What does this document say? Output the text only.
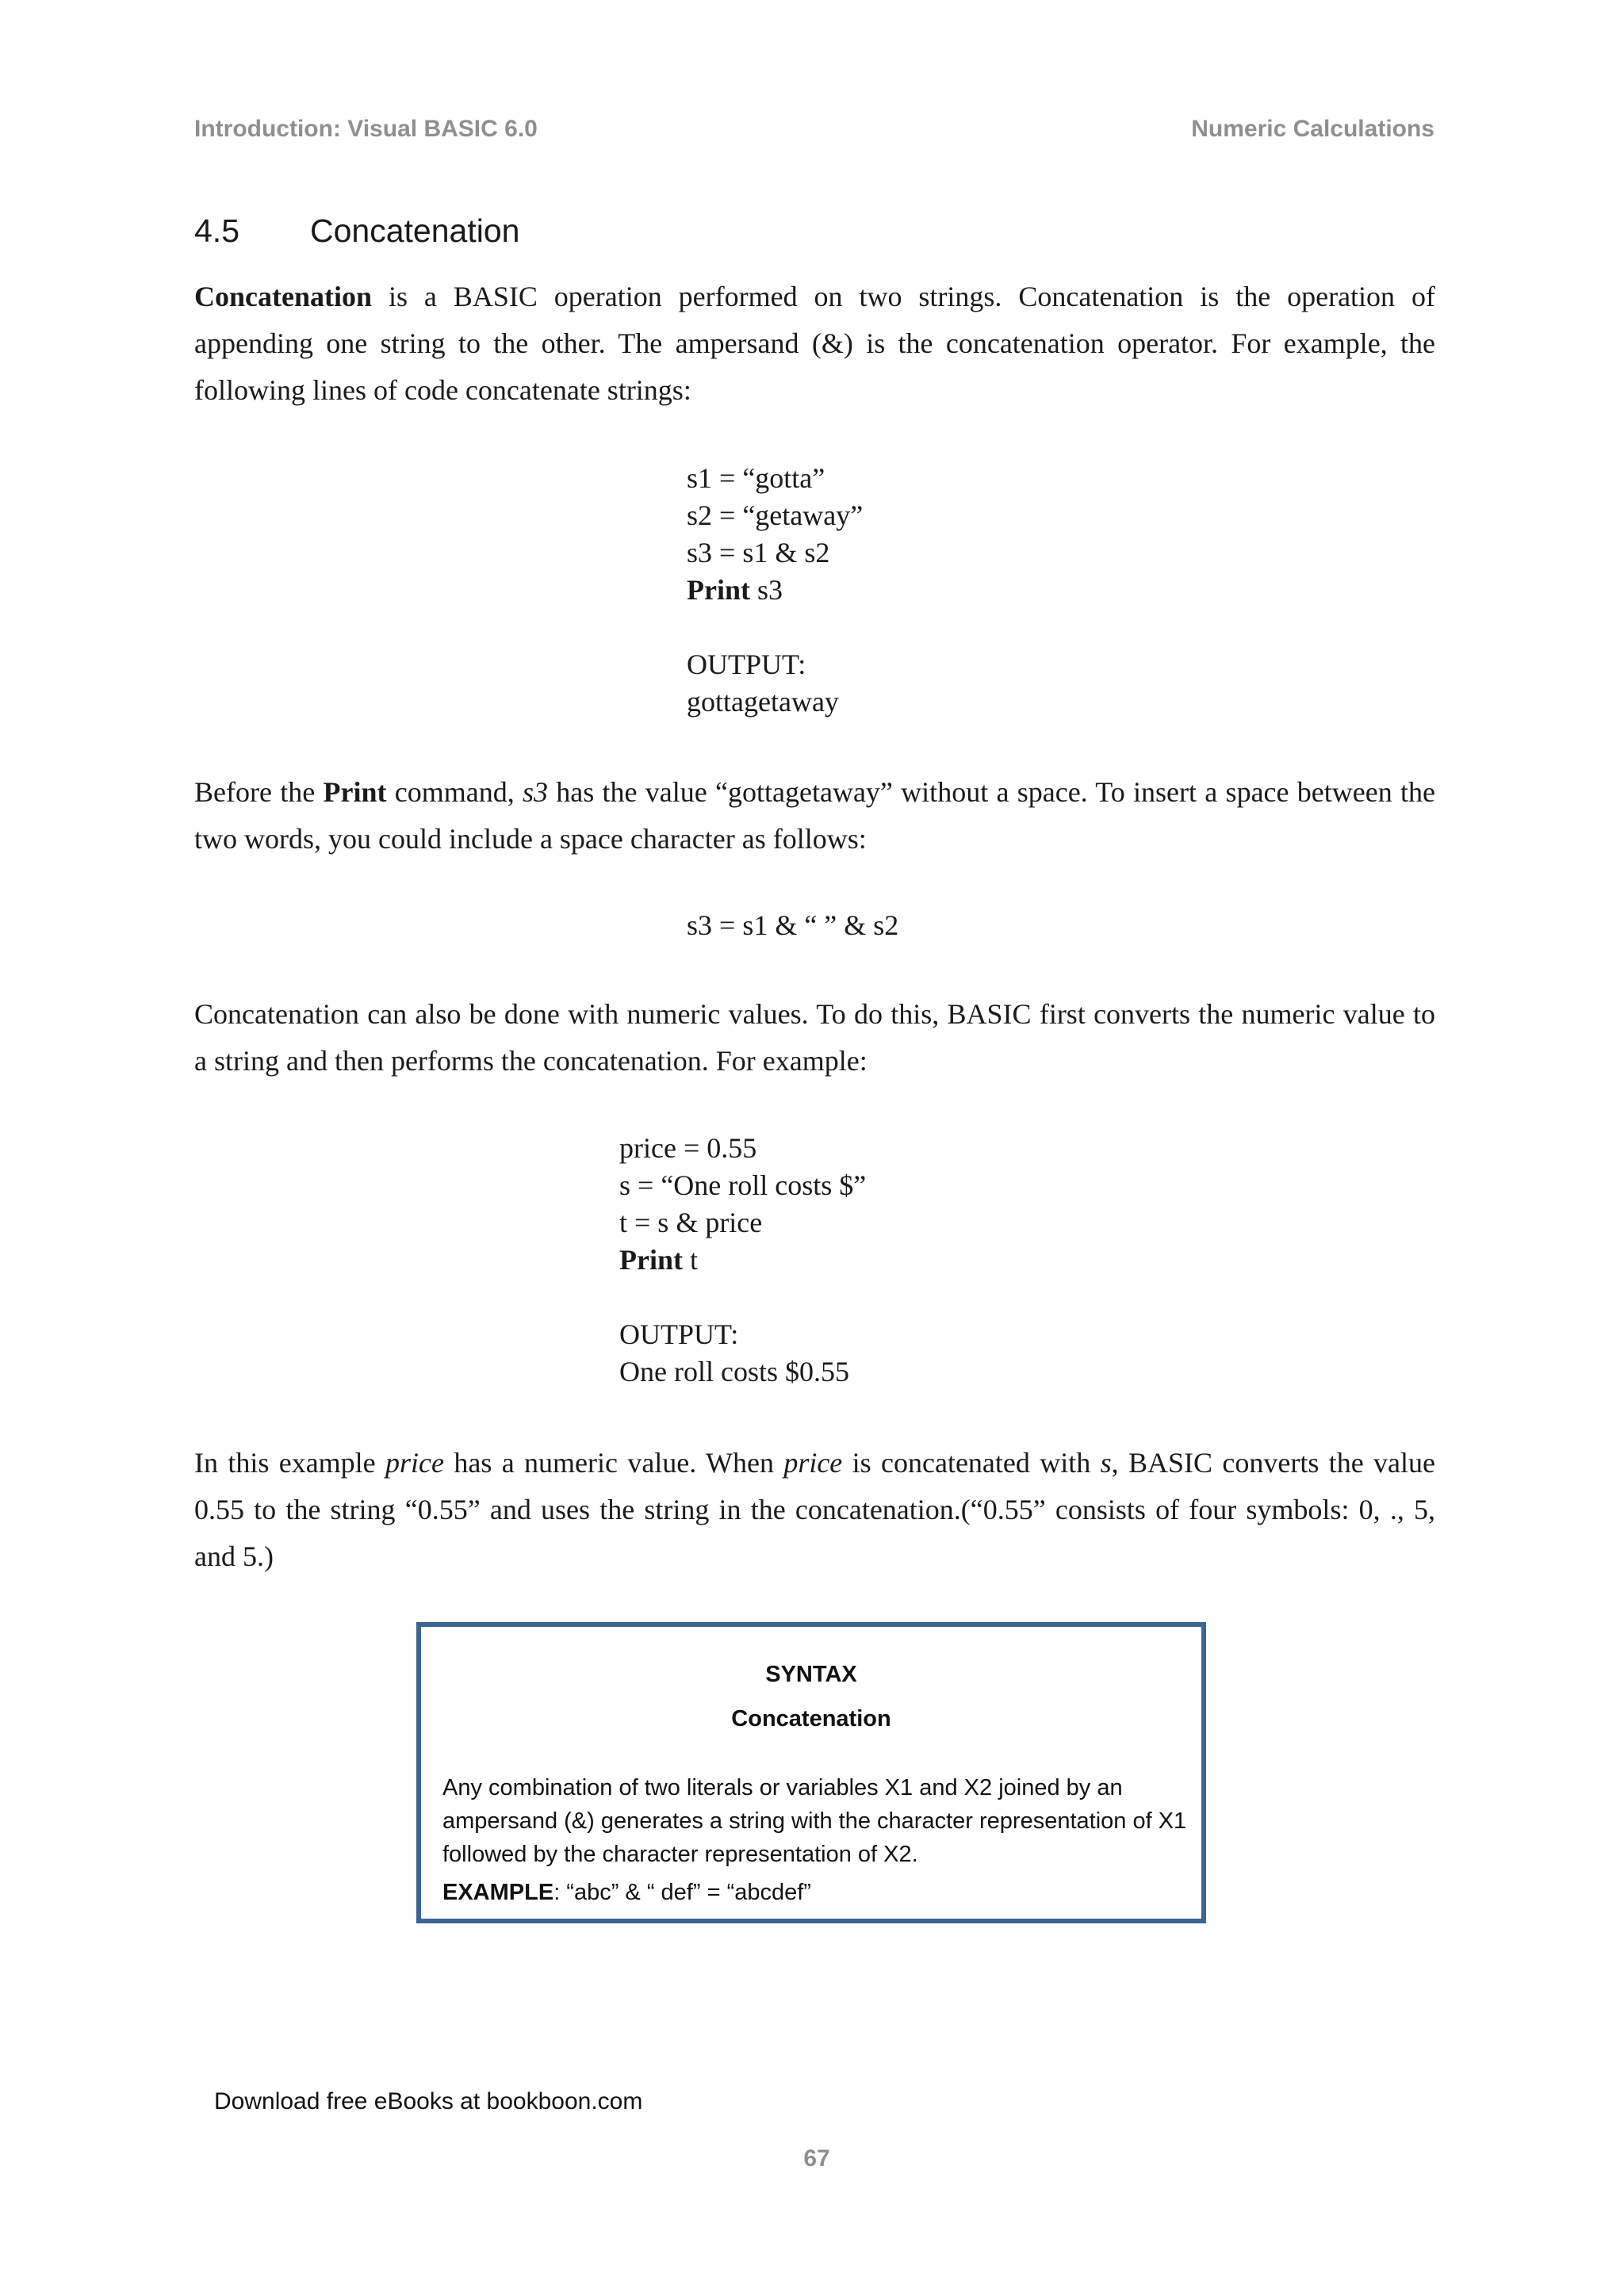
Introduction: Visual BASIC 6.0	Numeric Calculations
4.5 Concatenation

Concatenation is a BASIC operation performed on two strings. Concatenation is the operation of appending one string to the other. The ampersand (&) is the concatenation operator. For example, the following lines of code concatenate strings:

s1 = “gotta”
s2 = “getaway”
s3 = s1 & s2
Print s3
OUTPUT:
gottagetaway

Before the Print command, s3 has the value “gottagetaway” without a space. To insert a space between the two words, you could include a space character as follows:

s3 = s1 & “ ” & s2

Concatenation can also be done with numeric values. To do this, BASIC first converts the numeric value to a string and then performs the concatenation. For example:

price = 0.55
s = “One roll costs $”
t = s & price
Print t
OUTPUT:
One roll costs $0.55

In this example price has a numeric value. When price is concatenated with s, BASIC converts the value 0.55 to the string “0.55” and uses the string in the concatenation.(“0.55” consists of four symbols: 0, ., 5, and 5.)

SYNTAX
Concatenation

Any combination of two literals or variables X1 and X2 joined by an ampersand (&) generates a string with the character representation of X1 followed by the character representation of X2.

EXAMPLE: “abc” & “ def” = “abcdef”

Download free eBooks at bookboon.com
67
